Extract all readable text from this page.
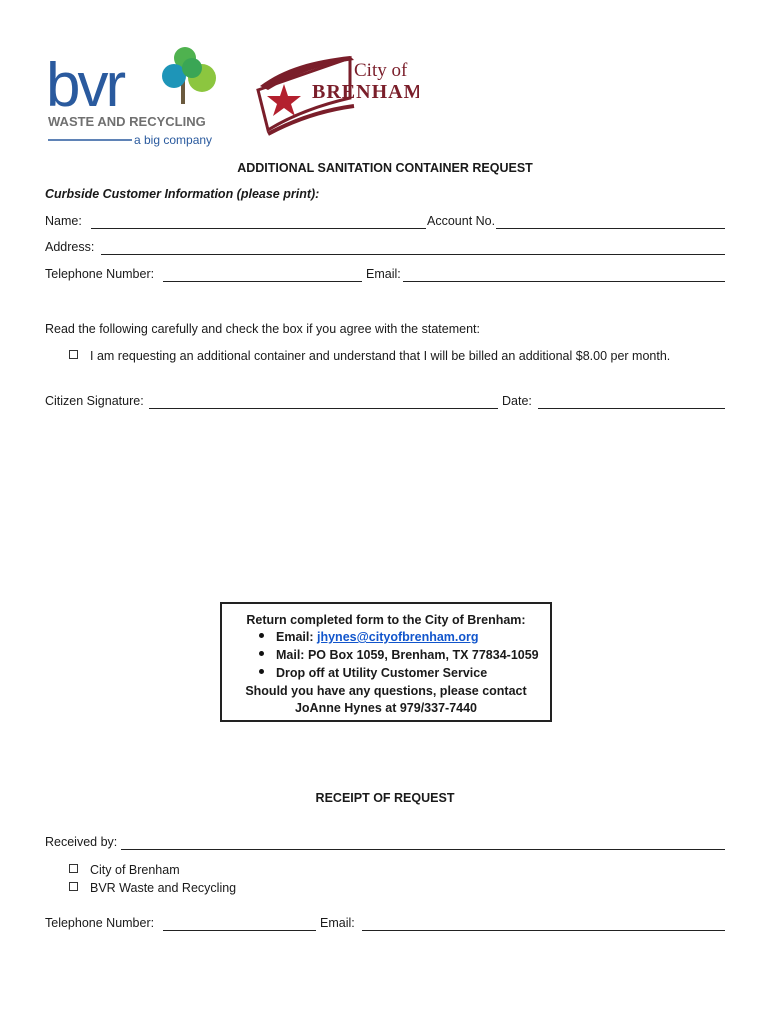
bvr
WASTE AND RECYCLING
a big company
City of
BRENHAM
ADDITIONAL SANITATION CONTAINER REQUEST
Curbside Customer Information (please print):
Name:	Account No.
Address:
Telephone Number:	Email:
Read the following carefully and check the box if you agree with the statement:
I am requesting an additional container and understand that I will be billed an additional $8.00 per month.
Citizen Signature:	Date:
Return completed form to the City of Brenham:
Email: jhynes@cityofbrenham.org
Mail: PO Box 1059, Brenham, TX 77834-1059
Drop off at Utility Customer Service
Should you have any questions, please contact
JoAnne Hynes at 979/337-7440
RECEIPT OF REQUEST
Received by:
City of Brenham
BVR Waste and Recycling
Telephone Number:	Email:
